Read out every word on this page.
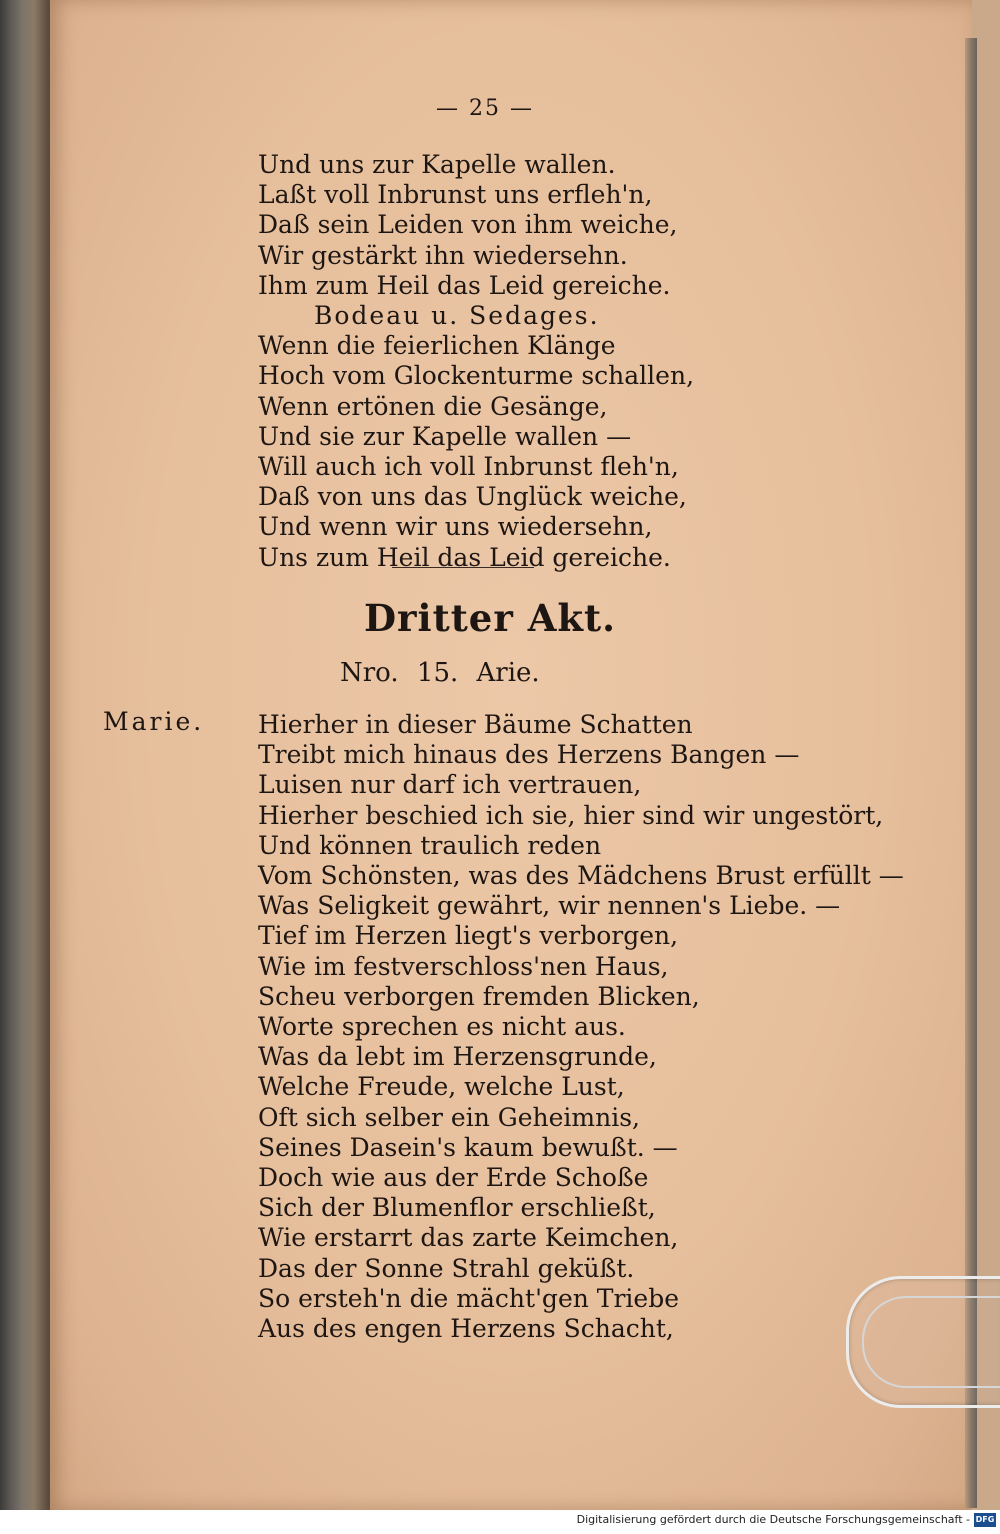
— 25 —
Und uns zur Kapelle wallen.
Laßt voll Inbrunst uns erfleh'n,
Daß sein Leiden von ihm weiche,
Wir gestärkt ihn wiedersehn.
Ihm zum Heil das Leid gereiche.
Bodeau u. Sedages.
Wenn die feierlichen Klänge
Hoch vom Glockenturme schallen,
Wenn ertönen die Gesänge,
Und sie zur Kapelle wallen —
Will auch ich voll Inbrunst fleh'n,
Daß von uns das Unglück weiche,
Und wenn wir uns wiedersehn,
Uns zum Heil das Leid gereiche.
Dritter Akt.
Nro. 15. Arie.
Marie. Hierher in dieser Bäume Schatten
Treibt mich hinaus des Herzens Bangen —
Luisen nur darf ich vertrauen,
Hierher beschied ich sie, hier sind wir ungestört,
Und können traulich reden
Vom Schönsten, was des Mädchens Brust erfüllt —
Was Seligkeit gewährt, wir nennen's Liebe. —
Tief im Herzen liegt's verborgen,
Wie im festverschloss'nen Haus,
Scheu verborgen fremden Blicken,
Worte sprechen es nicht aus.
Was da lebt im Herzensgrunde,
Welche Freude, welche Lust,
Oft sich selber ein Geheimnis,
Seines Dasein's kaum bewußt. —
Doch wie aus der Erde Schoße
Sich der Blumenflor erschließt,
Wie erstarrt das zarte Keimchen,
Das der Sonne Strahl geküßt.
So ersteh'n die mächt'gen Triebe
Aus des engen Herzens Schacht,
Digitalisierung gefördert durch die Deutsche Forschungsgemeinschaft - DFG
